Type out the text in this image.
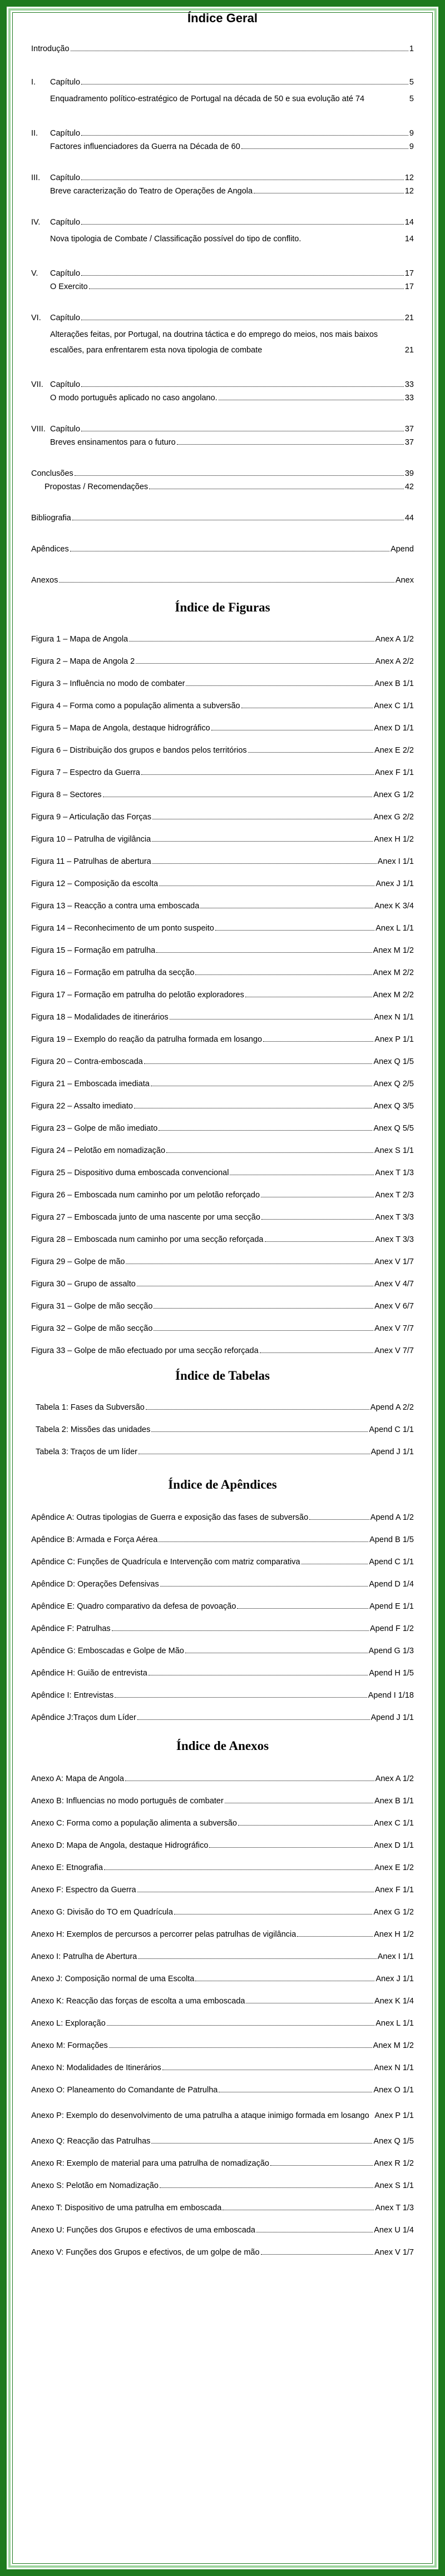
Índice Geral
Introdução	1
I.	Capítulo	5
Enquadramento político-estratégico de Portugal na década de 50 e sua evolução até 74	5
II.	Capítulo	9
Factores influenciadores da Guerra na Década de 60	9
III.	Capítulo	12
Breve caracterização do Teatro de Operações de Angola	12
IV.	Capítulo	14
Nova tipologia de Combate / Classificação possível do tipo de conflito.	14
V.	Capítulo	17
O Exercito	17
VI.	Capítulo	21
Alterações feitas, por Portugal, na doutrina táctica e do emprego do meios, nos mais baixos escalões, para enfrentarem esta nova tipologia de combate	21
VII. Capítulo	33
O modo português aplicado no caso angolano.	33
VIII. Capítulo	37
Breves ensinamentos para o futuro	37
Conclusões	39
Propostas / Recomendações	42
Bibliografia	44
Apêndices	Apend
Anexos	Anex
Índice de Figuras
Figura 1 – Mapa de Angola	Anex A 1/2
Figura 2 – Mapa de Angola 2	Anex A 2/2
Figura 3 – Influência no modo de combater	Anex B 1/1
Figura 4 – Forma como a população alimenta a subversão	Anex C 1/1
Figura 5 – Mapa de Angola, destaque hidrográfico	Anex D 1/1
Figura 6 – Distribuição dos grupos e bandos pelos territórios	Anex E 2/2
Figura 7 – Espectro da Guerra	Anex F 1/1
Figura 8 – Sectores	Anex G 1/2
Figura 9 – Articulação das Forças	Anex G 2/2
Figura 10 – Patrulha de vigilância	Anex H 1/2
Figura 11 – Patrulhas de abertura	Anex I 1/1
Figura 12 – Composição da escolta	Anex J 1/1
Figura 13 – Reacção a contra uma emboscada	Anex K 3/4
Figura 14 – Reconhecimento de um ponto suspeito	Anex L 1/1
Figura 15 – Formação em patrulha	Anex M 1/2
Figura 16 – Formação em patrulha da secção	Anex M 2/2
Figura 17 – Formação em patrulha do pelotão exploradores	Anex M 2/2
Figura 18 – Modalidades de itinerários	Anex N 1/1
Figura 19 – Exemplo do reação da patrulha formada em losango	Anex P 1/1
Figura 20 – Contra-emboscada	Anex Q 1/5
Figura 21 – Emboscada imediata	Anex Q 2/5
Figura 22 – Assalto imediato	Anex Q 3/5
Figura 23 – Golpe de mão imediato	Anex Q 5/5
Figura 24 – Pelotão em nomadização	Anex S 1/1
Figura 25 – Dispositivo duma emboscada convencional	Anex T 1/3
Figura 26 – Emboscada num caminho por um pelotão reforçado	Anex T 2/3
Figura 27 – Emboscada junto de uma nascente por uma secção	Anex T 3/3
Figura 28 – Emboscada num caminho por uma secção reforçada	Anex T 3/3
Figura 29 – Golpe de mão	Anex V 1/7
Figura 30 – Grupo de assalto	Anex V 4/7
Figura 31 – Golpe de mão secção	Anex V 6/7
Figura 32 – Golpe de mão secção	Anex V 7/7
Figura 33 – Golpe de mão efectuado por uma secção reforçada	Anex V 7/7
Índice de Tabelas
Tabela 1: Fases da Subversão	Apend A 2/2
Tabela 2: Missões das unidades	Apend C 1/1
Tabela 3: Traços de um líder	Apend J 1/1
Índice de Apêndices
Apêndice A: Outras tipologias de Guerra e exposição das fases de subversão	Apend A 1/2
Apêndice B: Armada e Força Aérea	Apend B 1/5
Apêndice C: Funções de Quadrícula e Intervenção com matriz comparativa	Apend C 1/1
Apêndice D: Operações Defensivas	Apend D 1/4
Apêndice E: Quadro comparativo da defesa de povoação	Apend E 1/1
Apêndice F: Patrulhas	Apend F 1/2
Apêndice G: Emboscadas e Golpe de Mão	Apend G 1/3
Apêndice H: Guião de entrevista	Apend H 1/5
Apêndice I: Entrevistas	Apend I 1/18
Apêndice J:Traços dum Líder	Apend J 1/1
Índice de Anexos
Anexo A: Mapa de Angola	Anex A 1/2
Anexo B: Influencias no modo português de combater	Anex B 1/1
Anexo C: Forma como a população alimenta a subversão	Anex C 1/1
Anexo D: Mapa de Angola, destaque Hidrográfico	Anex D 1/1
Anexo E: Etnografia	Anex E 1/2
Anexo F: Espectro da Guerra	Anex F 1/1
Anexo G: Divisão do TO em Quadrícula	Anex G 1/2
Anexo H: Exemplos de percursos a percorrer pelas patrulhas de vigilância	Anex H 1/2
Anexo I: Patrulha de Abertura	Anex I 1/1
Anexo J: Composição normal de uma Escolta	Anex J 1/1
Anexo K: Reacção das forças de escolta a uma emboscada	Anex K 1/4
Anexo L: Exploração	Anex L 1/1
Anexo M: Formações	Anex M 1/2
Anexo N: Modalidades de Itinerários	Anex N 1/1
Anexo O: Planeamento do Comandante de Patrulha	Anex O 1/1
Anexo P: Exemplo do desenvolvimento de uma patrulha a ataque inimigo formada em losango Anex P 1/1
Anexo Q: Reacção das Patrulhas	Anex Q 1/5
Anexo R: Exemplo de material para uma patrulha de nomadização	Anex R 1/2
Anexo S: Pelotão em Nomadização	Anex S 1/1
Anexo T: Dispositivo de uma patrulha em emboscada	Anex T 1/3
Anexo U: Funções dos Grupos e efectivos de uma emboscada	Anex U 1/4
Anexo V: Funções dos Grupos e efectivos, de um golpe de mão	Anex V 1/7
